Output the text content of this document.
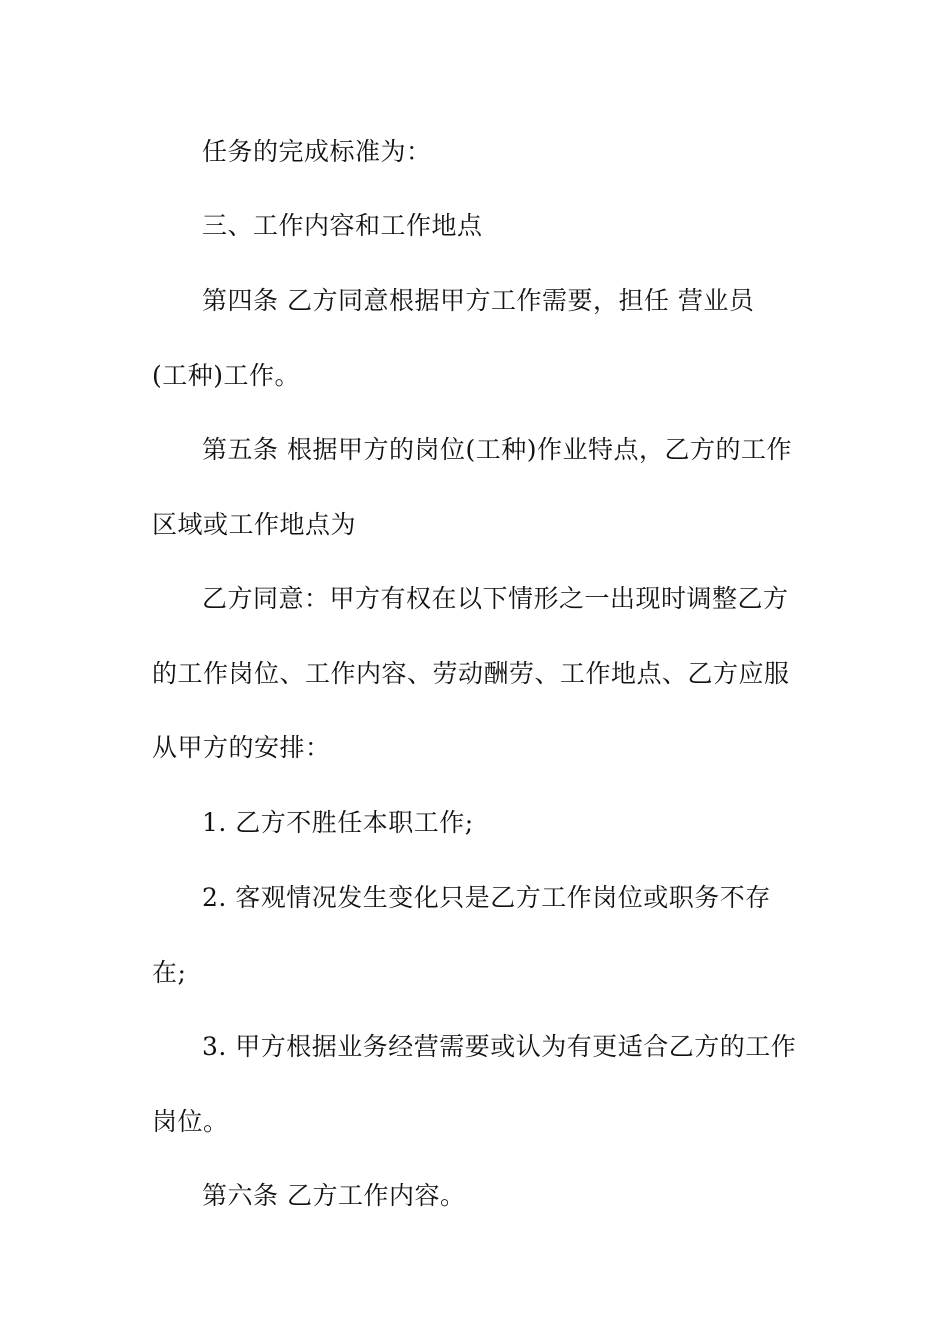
任务的完成标准为：
三、工作内容和工作地点
第四条 乙方同意根据甲方工作需要，担任 营业员
(工种)工作。
第五条 根据甲方的岗位(工种)作业特点，乙方的工作
区域或工作地点为
乙方同意：甲方有权在以下情形之一出现时调整乙方
的工作岗位、工作内容、劳动酬劳、工作地点、乙方应服
从甲方的安排：
1. 乙方不胜任本职工作;
2. 客观情况发生变化只是乙方工作岗位或职务不存
在;
3. 甲方根据业务经营需要或认为有更适合乙方的工作
岗位。
第六条 乙方工作内容。
